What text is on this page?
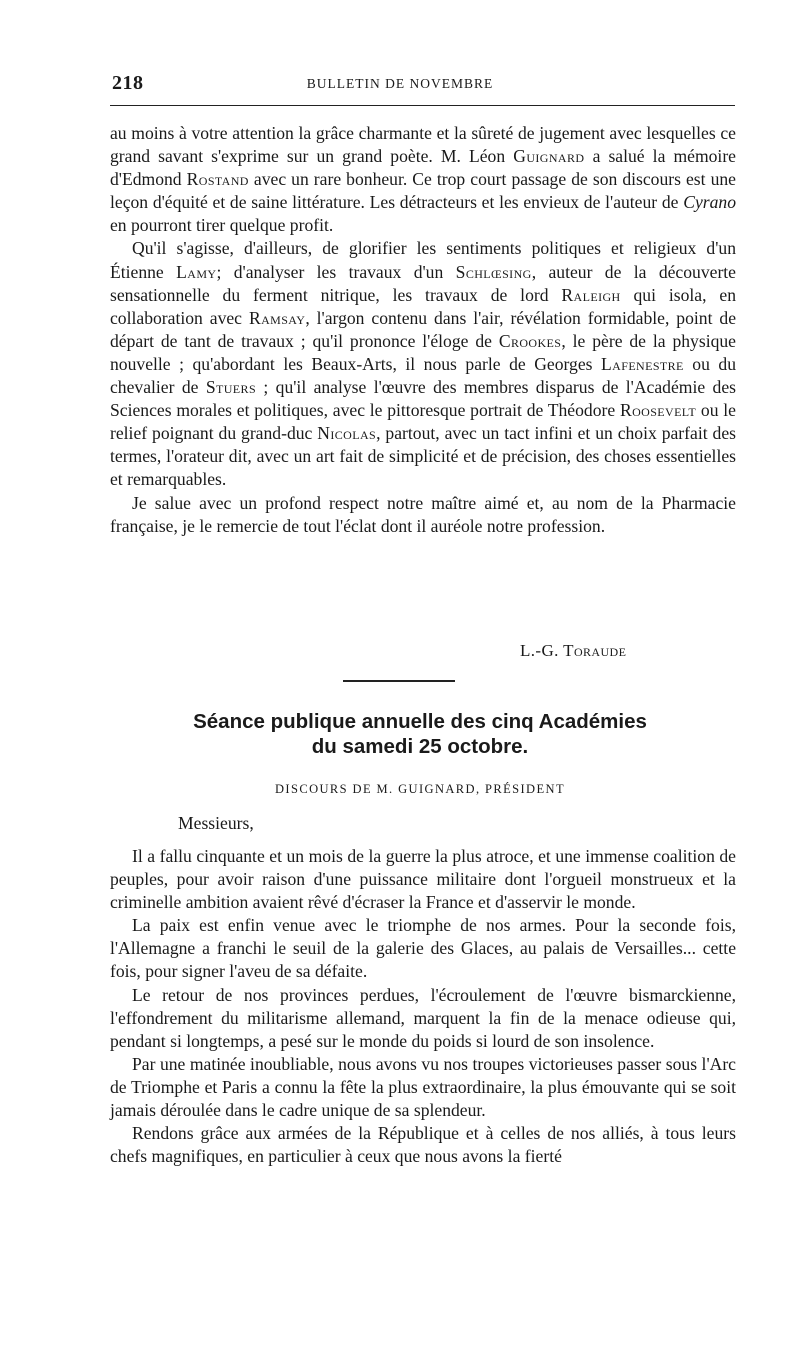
218	BULLETIN DE NOVEMBRE

au moins à votre attention la grâce charmante et la sûreté de jugement avec lesquelles ce grand savant s'exprime sur un grand poète. M. Léon Guignard a salué la mémoire d'Edmond Rostand avec un rare bonheur. Ce trop court passage de son discours est une leçon d'équité et de saine littérature. Les détracteurs et les envieux de l'auteur de Cyrano en pourront tirer quelque profit.

Qu'il s'agisse, d'ailleurs, de glorifier les sentiments politiques et religieux d'un Étienne Lamy; d'analyser les travaux d'un Schlœsing, auteur de la découverte sensationnelle du ferment nitrique, les travaux de lord Raleigh qui isola, en collaboration avec Ramsay, l'argon contenu dans l'air, révélation formidable, point de départ de tant de travaux ; qu'il prononce l'éloge de Crookes, le père de la physique nouvelle ; qu'abordant les Beaux-Arts, il nous parle de Georges Lafenestre ou du chevalier de Stuers ; qu'il analyse l'œuvre des membres disparus de l'Académie des Sciences morales et politiques, avec le pittoresque portrait de Théodore Roosevelt ou le relief poignant du grand-duc Nicolas, partout, avec un tact infini et un choix parfait des termes, l'orateur dit, avec un art fait de simplicité et de précision, des choses essentielles et remarquables.

Je salue avec un profond respect notre maître aimé et, au nom de la Pharmacie française, je le remercie de tout l'éclat dont il auréole notre profession.

L.-G. Toraude
Séance publique annuelle des cinq Académies
du samedi 25 octobre.
DISCOURS DE M. GUIGNARD, PRÉSIDENT
Messieurs,

Il a fallu cinquante et un mois de la guerre la plus atroce, et une immense coalition de peuples, pour avoir raison d'une puissance militaire dont l'orgueil monstrueux et la criminelle ambition avaient rêvé d'écraser la France et d'asservir le monde.

La paix est enfin venue avec le triomphe de nos armes. Pour la seconde fois, l'Allemagne a franchi le seuil de la galerie des Glaces, au palais de Versailles... cette fois, pour signer l'aveu de sa défaite.

Le retour de nos provinces perdues, l'écroulement de l'œuvre bismarckienne, l'effondrement du militarisme allemand, marquent la fin de la menace odieuse qui, pendant si longtemps, a pesé sur le monde du poids si lourd de son insolence.

Par une matinée inoubliable, nous avons vu nos troupes victorieuses passer sous l'Arc de Triomphe et Paris a connu la fête la plus extraordinaire, la plus émouvante qui se soit jamais déroulée dans le cadre unique de sa splendeur.

Rendons grâce aux armées de la République et à celles de nos alliés, à tous leurs chefs magnifiques, en particulier à ceux que nous avons la fierté
